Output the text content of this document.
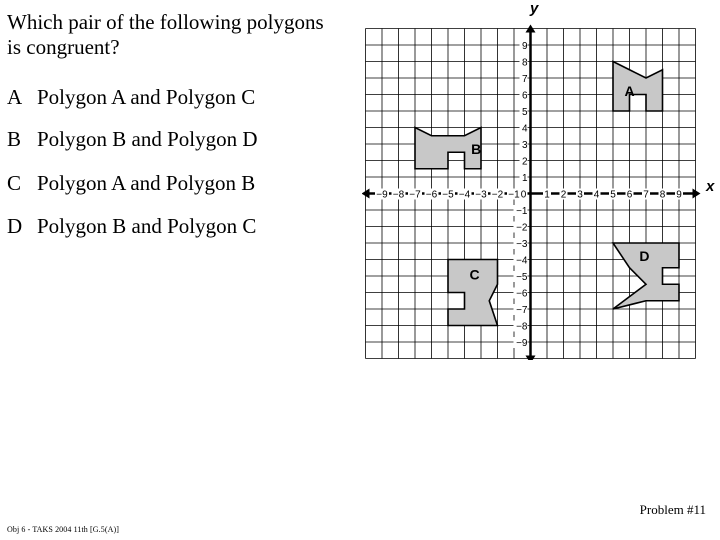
Which pair of the following polygons is congruent?

A Polygon A and Polygon C
B Polygon B and Polygon D
C Polygon A and Polygon B
D Polygon B and Polygon C
A
B
C
D
−9 −8 −7 −6 −5 −4 −3 −2 −1 0 1 2 3 4 5 6 7 8 9
−9
−8
−7
−6
−5
−4
−3
−2
−1
1
2
3
4
5
6
7
8
9
x
y
Problem #11
Obj 6 - TAKS 2004 11th [G.5(A)]
